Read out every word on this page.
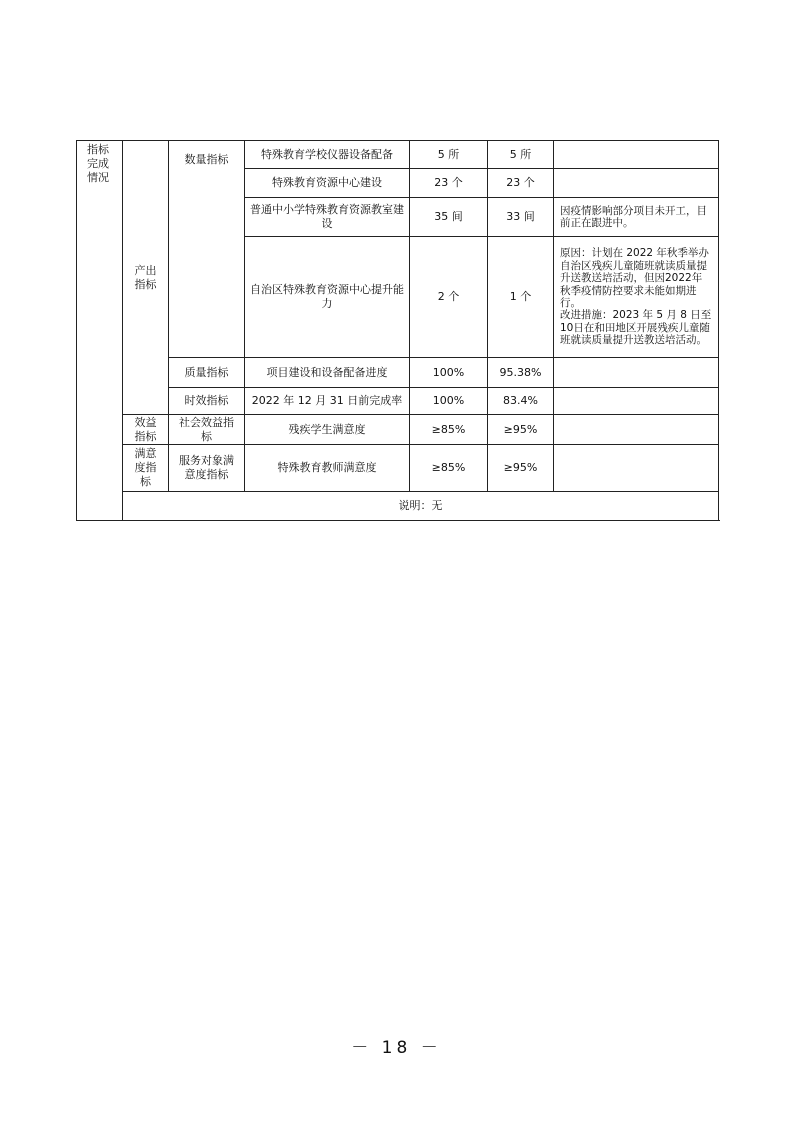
指标完成情况	产出指标	数量指标	特殊教育学校仪器设备配备	5 所	5 所	
			特殊教育资源中心建设	23 个	23 个	
			普通中小学特殊教育资源教室建设	35 间	33 间	因疫情影响部分项目未开工，目前正在跟进中。
			自治区特殊教育资源中心提升能力	2 个	1 个	原因：计划在 2022 年秋季举办自治区残疾儿童随班就读质量提升送教送培活动，但因2022年秋季疫情防控要求未能如期进行。
改进措施：2023 年 5 月 8 日至 10日在和田地区开展残疾儿童随班就读质量提升送教送培活动。

		质量指标	项目建设和设备配备进度	100%	95.38%	
		时效指标	2022 年 12 月 31 日前完成率	100%	83.4%	
	效益指标	社会效益指标	残疾学生满意度	≥85%	≥95%	
	满意度指标	服务对象满意度指标	特殊教育教师满意度	≥85%	≥95%	
	说明：无					
－ 18 －
